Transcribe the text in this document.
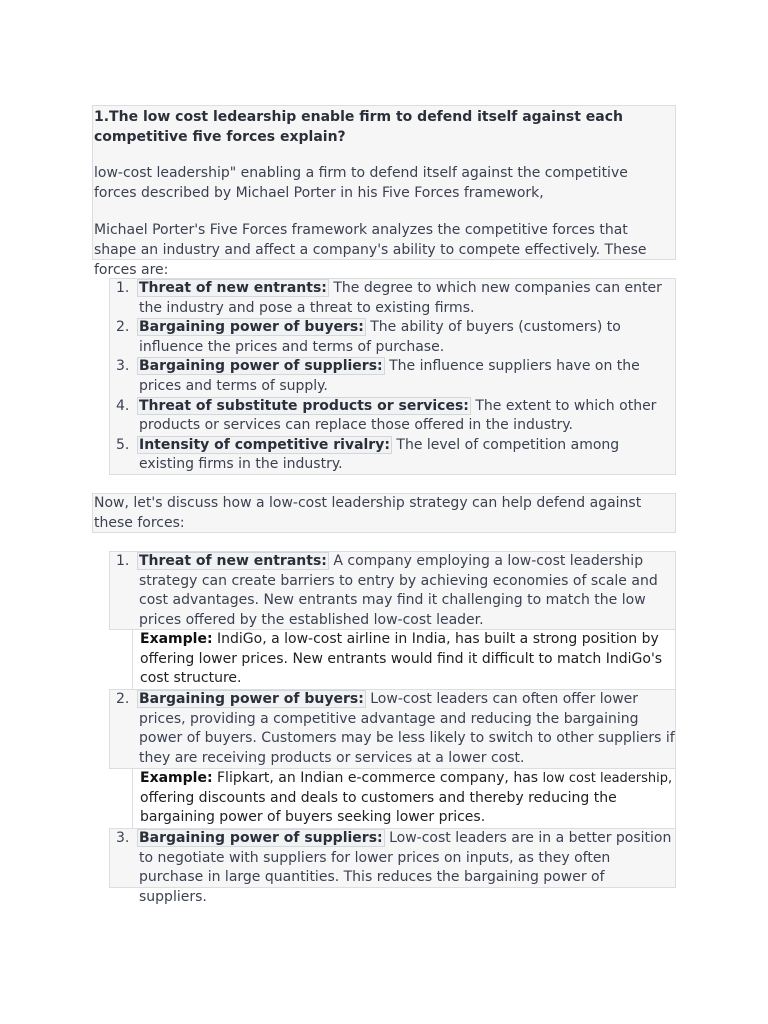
1.The low cost ledearship enable firm to defend itself against each competitive five forces explain?

low-cost leadership" enabling a firm to defend itself against the competitive forces described by Michael Porter in his Five Forces framework,

Michael Porter's Five Forces framework analyzes the competitive forces that shape an industry and affect a company's ability to compete effectively. These forces are:

1. Threat of new entrants: The degree to which new companies can enter the industry and pose a threat to existing firms.
2. Bargaining power of buyers: The ability of buyers (customers) to influence the prices and terms of purchase.
3. Bargaining power of suppliers: The influence suppliers have on the prices and terms of supply.
4. Threat of substitute products or services: The extent to which other products or services can replace those offered in the industry.
5. Intensity of competitive rivalry: The level of competition among existing firms in the industry.

Now, let's discuss how a low-cost leadership strategy can help defend against these forces:

1. Threat of new entrants: A company employing a low-cost leadership strategy can create barriers to entry by achieving economies of scale and cost advantages. New entrants may find it challenging to match the low prices offered by the established low-cost leader.
Example: IndiGo, a low-cost airline in India, has built a strong position by offering lower prices. New entrants would find it difficult to match IndiGo's cost structure.
2. Bargaining power of buyers: Low-cost leaders can often offer lower prices, providing a competitive advantage and reducing the bargaining power of buyers. Customers may be less likely to switch to other suppliers if they are receiving products or services at a lower cost.
Example: Flipkart, an Indian e-commerce company, has low cost leadership, offering discounts and deals to customers and thereby reducing the bargaining power of buyers seeking lower prices.
3. Bargaining power of suppliers: Low-cost leaders are in a better position to negotiate with suppliers for lower prices on inputs, as they often purchase in large quantities. This reduces the bargaining power of suppliers.
